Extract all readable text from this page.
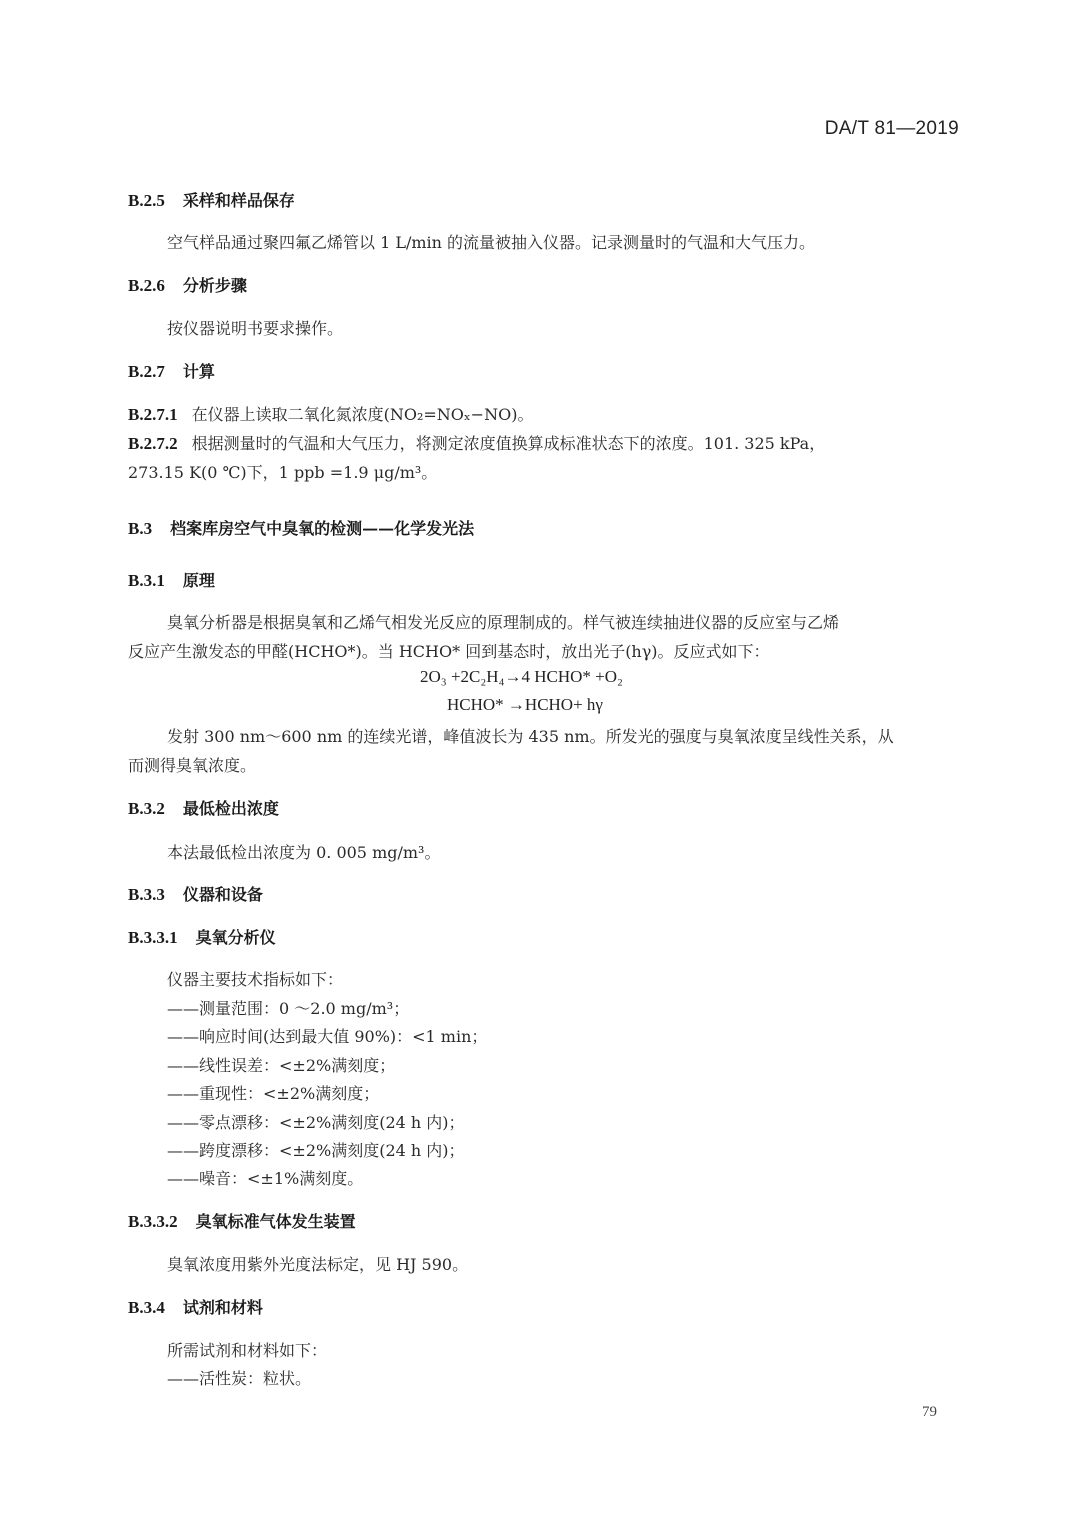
DA/T 81—2019
B.2.5 采样和样品保存
空气样品通过聚四氟乙烯管以 1 L/min 的流量被抽入仪器。记录测量时的气温和大气压力。
B.2.6 分析步骤
按仪器说明书要求操作。
B.2.7 计算
B.2.7.1 在仪器上读取二氧化氮浓度(NO₂=NOₓ−NO)。
B.2.7.2 根据测量时的气温和大气压力，将测定浓度值换算成标准状态下的浓度。101. 325 kPa，
273.15 K(0 ℃)下，1 ppb =1.9 μg/m³。
B.3 档案库房空气中臭氧的检测——化学发光法
B.3.1 原理
臭氧分析器是根据臭氧和乙烯气相发光反应的原理制成的。样气被连续抽进仪器的反应室与乙烯
反应产生激发态的甲醛(HCHO*)。当 HCHO* 回到基态时，放出光子(hγ)。反应式如下：
2O₃ +2C₂H₄→4 HCHO* +O₂
HCHO* →HCHO+ hγ
发射 300 nm～600 nm 的连续光谱，峰值波长为 435 nm。所发光的强度与臭氧浓度呈线性关系，从
而测得臭氧浓度。
B.3.2 最低检出浓度
本法最低检出浓度为 0. 005 mg/m³。
B.3.3 仪器和设备
B.3.3.1 臭氧分析仪
仪器主要技术指标如下：
——测量范围：0 ～2.0 mg/m³；
——响应时间(达到最大值 90%)：<1 min；
——线性误差：<±2%满刻度；
——重现性：<±2%满刻度；
——零点漂移：<±2%满刻度(24 h 内)；
——跨度漂移：<±2%满刻度(24 h 内)；
——噪音：<±1%满刻度。
B.3.3.2 臭氧标准气体发生装置
臭氧浓度用紫外光度法标定，见 HJ 590。
B.3.4 试剂和材料
所需试剂和材料如下：
——活性炭：粒状。
79
